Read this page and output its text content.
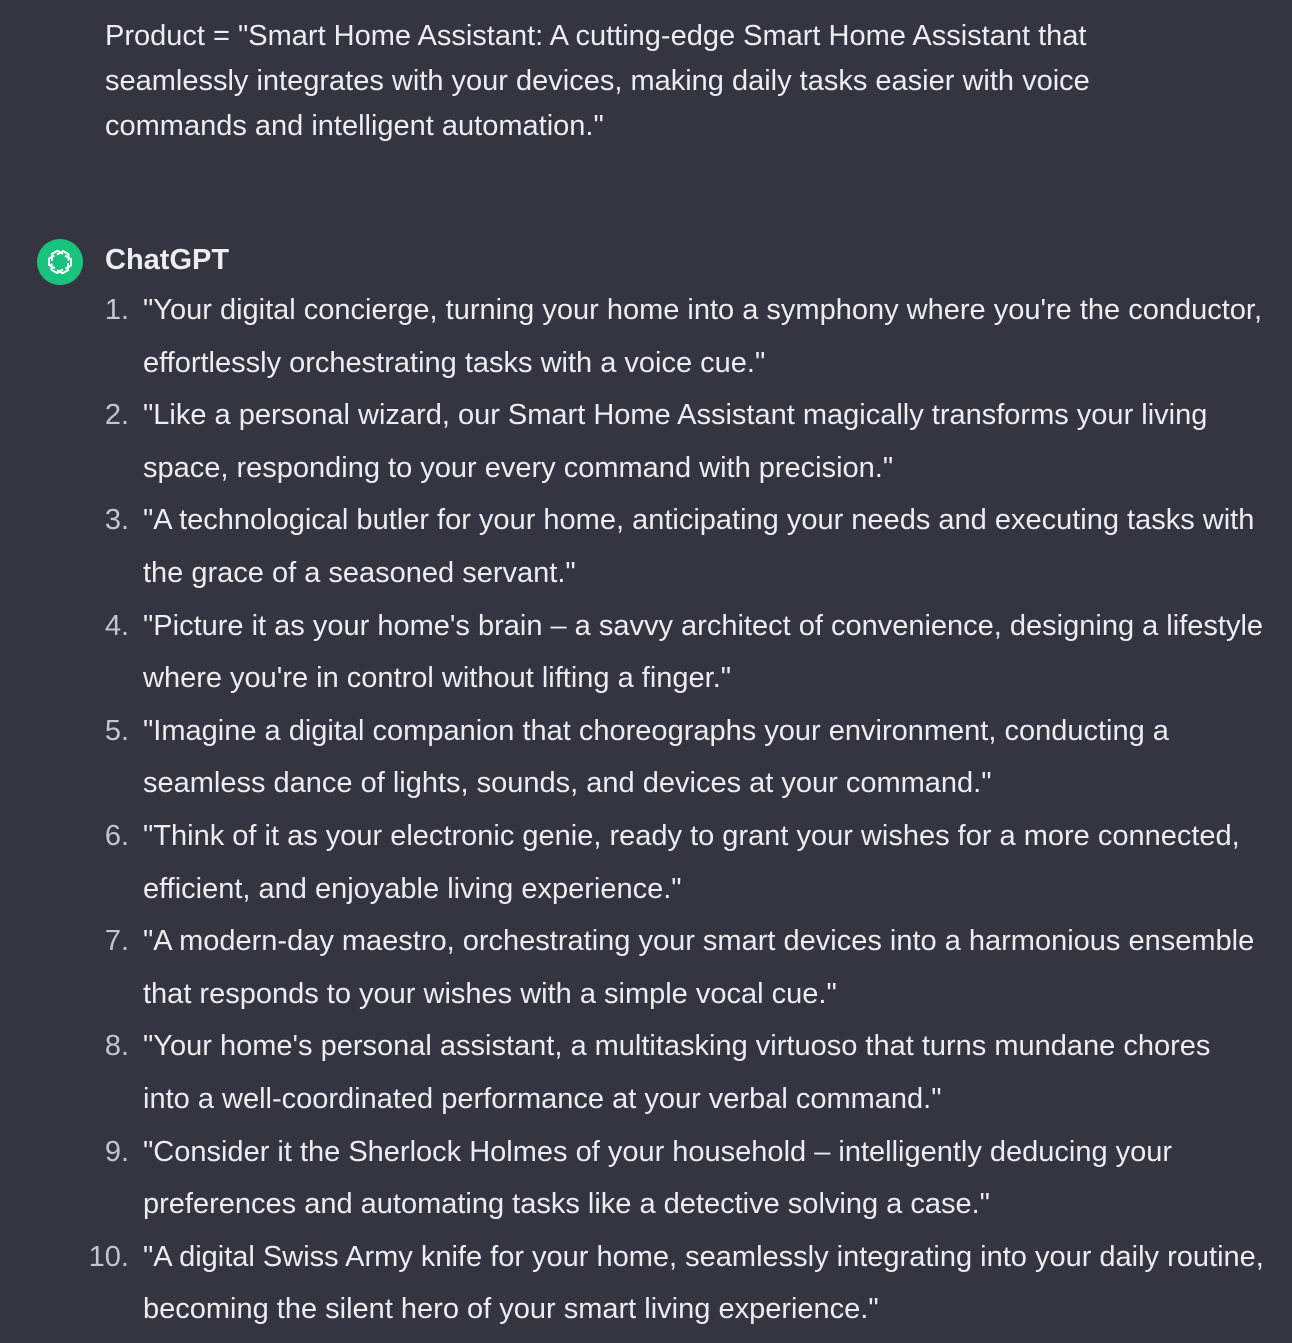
Product = "Smart Home Assistant: A cutting-edge Smart Home Assistant that seamlessly integrates with your devices, making daily tasks easier with voice commands and intelligent automation."

ChatGPT
1. "Your digital concierge, turning your home into a symphony where you're the conductor, effortlessly orchestrating tasks with a voice cue."
2. "Like a personal wizard, our Smart Home Assistant magically transforms your living space, responding to your every command with precision."
3. "A technological butler for your home, anticipating your needs and executing tasks with the grace of a seasoned servant."
4. "Picture it as your home's brain – a savvy architect of convenience, designing a lifestyle where you're in control without lifting a finger."
5. "Imagine a digital companion that choreographs your environment, conducting a seamless dance of lights, sounds, and devices at your command."
6. "Think of it as your electronic genie, ready to grant your wishes for a more connected, efficient, and enjoyable living experience."
7. "A modern-day maestro, orchestrating your smart devices into a harmonious ensemble that responds to your wishes with a simple vocal cue."
8. "Your home's personal assistant, a multitasking virtuoso that turns mundane chores into a well-coordinated performance at your verbal command."
9. "Consider it the Sherlock Holmes of your household – intelligently deducing your preferences and automating tasks like a detective solving a case."
10. "A digital Swiss Army knife for your home, seamlessly integrating into your daily routine, becoming the silent hero of your smart living experience."
